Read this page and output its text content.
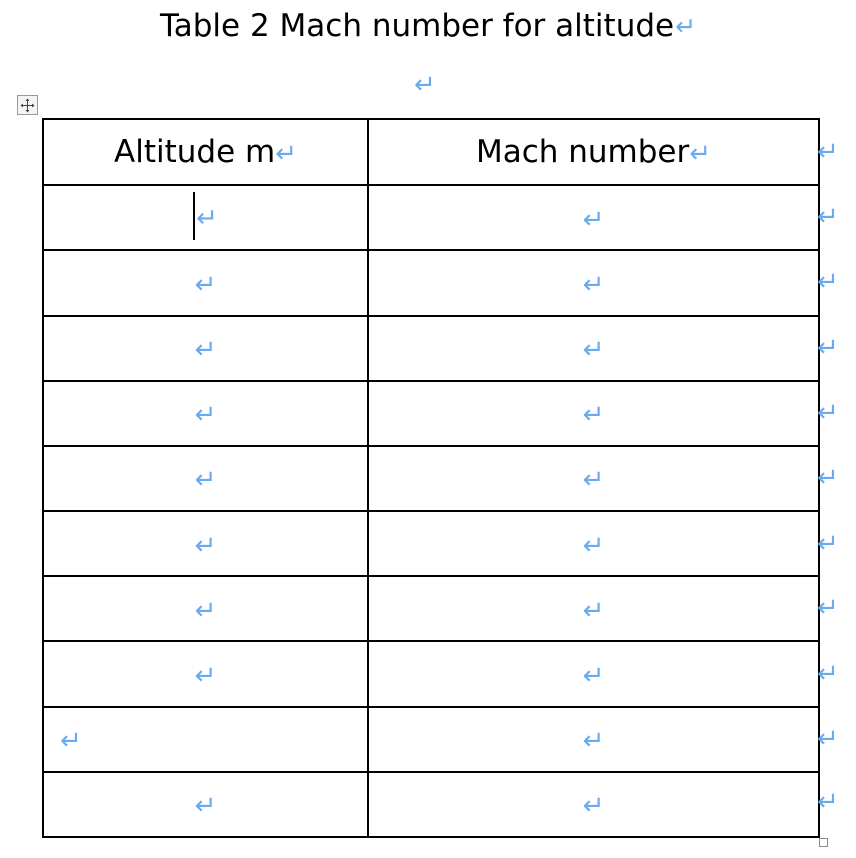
Table 2 Mach number for altitude ↵
↵
Altitude m↵	Mach number↵
↵	↵
↵	↵
↵	↵
↵	↵
↵	↵
↵	↵
↵	↵
↵	↵
↵	↵
↵	↵
↵
↵
↵
↵
↵
↵
↵
↵
↵
↵
↵
